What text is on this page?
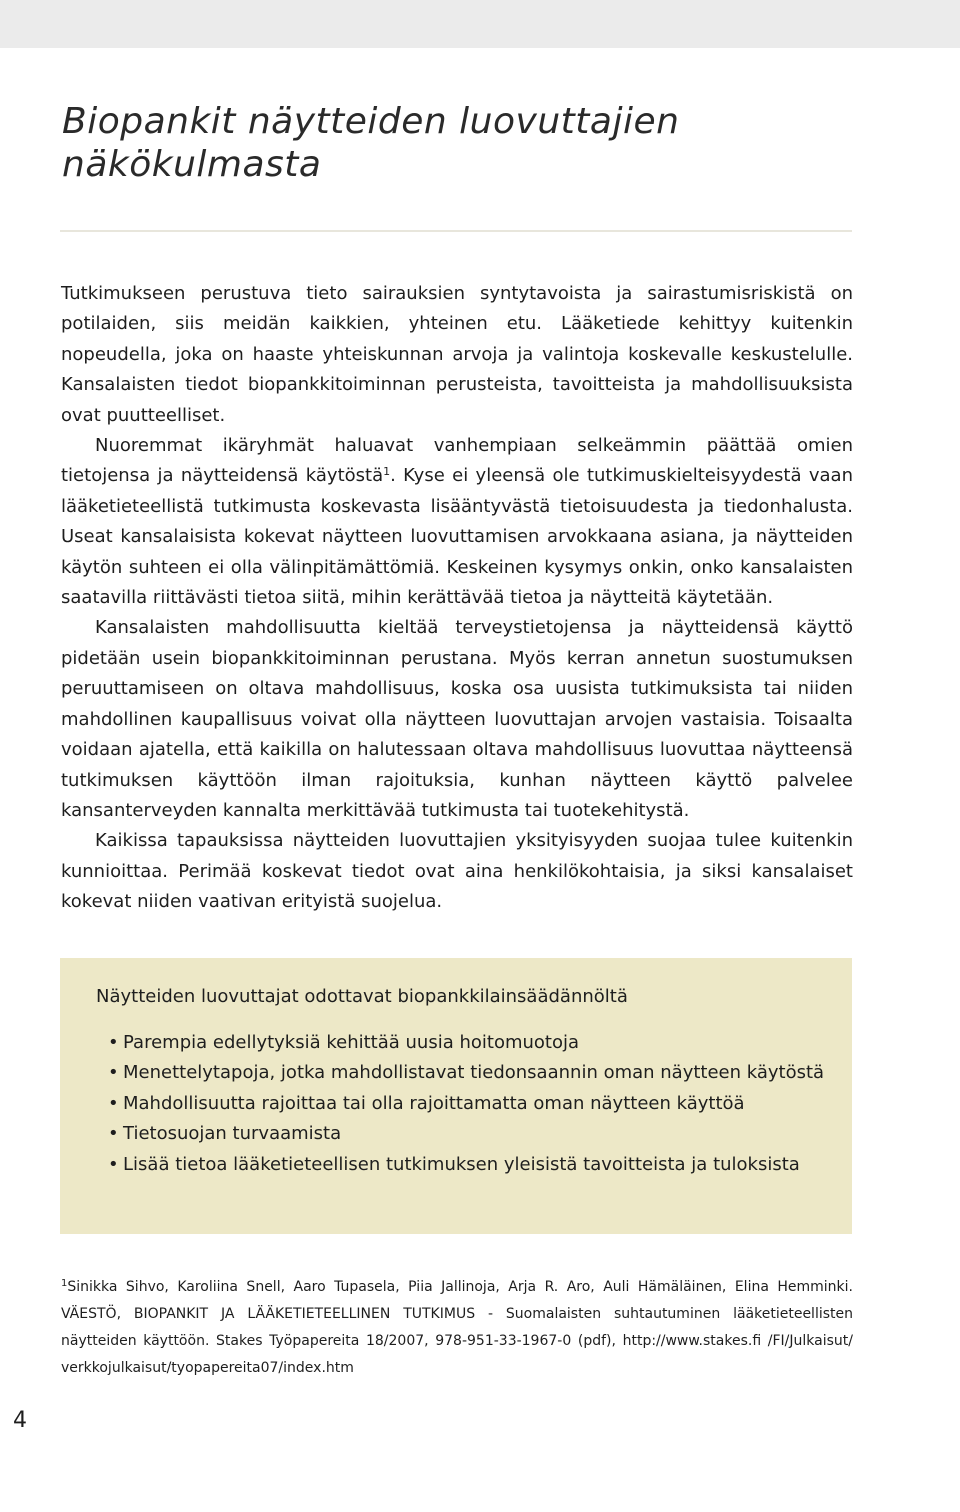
Biopankit näytteiden luovuttajien
näkökulmasta

Tutkimukseen perustuva tieto sairauksien syntytavoista ja sairastumisriskistä on potilaiden, siis meidän kaikkien, yhteinen etu. Lääketiede kehittyy kuitenkin nopeudella, joka on haaste yhteiskunnan arvoja ja valintoja koskevalle keskustelulle. Kansalaisten tiedot biopankkitoiminnan perusteista, tavoitteista ja mahdollisuuksista ovat puutteelliset.

Nuoremmat ikäryhmät haluavat vanhempiaan selkeämmin päättää omien tietojensa ja näytteidensä käytöstä$^1$. Kyse ei yleensä ole tutkimuskielteisyydestä vaan lääketieteellistä tutkimusta koskevasta lisääntyvästä tietoisuudesta ja tiedonhalusta. Useat kansalaisista kokevat näytteen luovuttamisen arvokkaana asiana, ja näytteiden käytön suhteen ei olla välinpitämättömiä. Keskeinen kysymys onkin, onko kansalaisten saatavilla riittävästi tietoa siitä, mihin kerättävää tietoa ja näytteitä käytetään.

Kansalaisten mahdollisuutta kieltää terveystietojensa ja näytteidensä käyttö pidetään usein biopankkitoiminnan perustana. Myös kerran annetun suostumuksen peruuttamiseen on oltava mahdollisuus, koska osa uusista tutkimuksista tai niiden mahdollinen kaupallisuus voivat olla näytteen luovuttajan arvojen vastaisia. Toisaalta voidaan ajatella, että kaikilla on halutessaan oltava mahdollisuus luovuttaa näytteensä tutkimuksen käyttöön ilman rajoituksia, kunhan näytteen käyttö palvelee kansanterveyden kannalta merkittävää tutkimusta tai tuotekehitystä.

Kaikissa tapauksissa näytteiden luovuttajien yksityisyyden suojaa tulee kuitenkin kunnioittaa. Perimää koskevat tiedot ovat aina henkilökohtaisia, ja siksi kansalaiset kokevat niiden vaativan erityistä suojelua.

Näytteiden luovuttajat odottavat biopankkilainsäädännöltä
• Parempia edellytyksiä kehittää uusia hoitomuotoja
• Menettelytapoja, jotka mahdollistavat tiedonsaannin oman näytteen käytöstä
• Mahdollisuutta rajoittaa tai olla rajoittamatta oman näytteen käyttöä
• Tietosuojan turvaamista
• Lisää tietoa lääketieteellisen tutkimuksen yleisistä tavoitteista ja tuloksista

$^1$Sinikka Sihvo, Karoliina Snell, Aaro Tupasela, Piia Jallinoja, Arja R. Aro, Auli Hämäläinen, Elina Hemminki. VÄESTÖ, BIOPANKIT JA LÄÄKETIETEELLINEN TUTKIMUS - Suomalaisten suhtautuminen lääketieteellisten näytteiden käyttöön. Stakes Työpapereita 18/2007, 978-951-33-1967-0 (pdf), http://www.stakes.fi /FI/Julkaisut/ verkkojulkaisut/tyopapereita07/index.htm

4
